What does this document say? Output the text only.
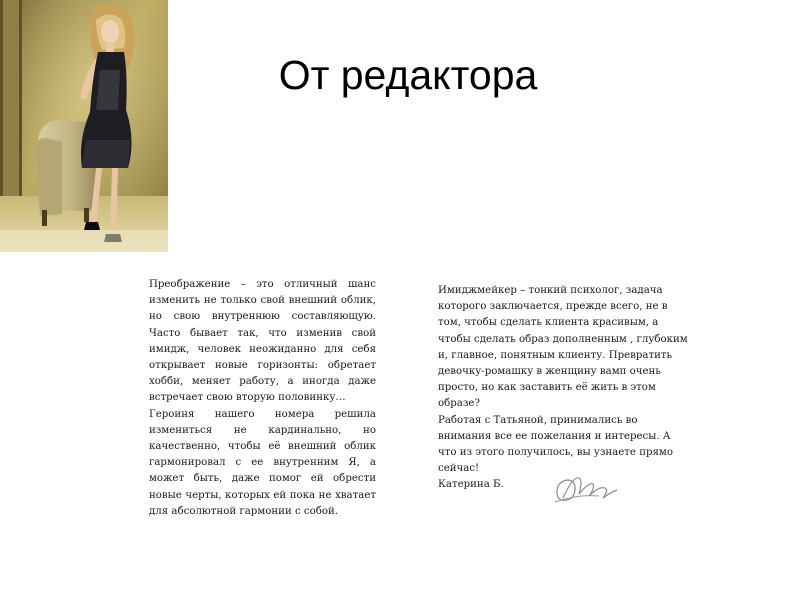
От редактора

Преображение – это отличный шанс изменить не только свой внешний облик, но свою внутреннюю составляющую. Часто бывает так, что изменив свой имидж, человек неожиданно для себя открывает новые горизонты: обретает хобби, меняет работу, а иногда даже встречает свою вторую половинку…

Героиня нашего номера решила измениться не кардинально, но качественно, чтобы её внешний облик гармонировал с ее внутренним Я, а может быть, даже помог ей обрести новые черты, которых ей пока не хватает для абсолютной гармонии с собой.

Имиджмейкер – тонкий психолог, задача которого заключается, прежде всего, не в том, чтобы сделать клиента красивым, а чтобы сделать образ дополненным , глубоким и, главное, понятным клиенту. Превратить девочку-ромашку в женщину вамп очень просто, но как заставить её жить в этом образе?

Работая с Татьяной, принимались во внимания все ее пожелания и интересы. А что из этого получилось, вы узнаете прямо сейчас!

Катерина Б.
